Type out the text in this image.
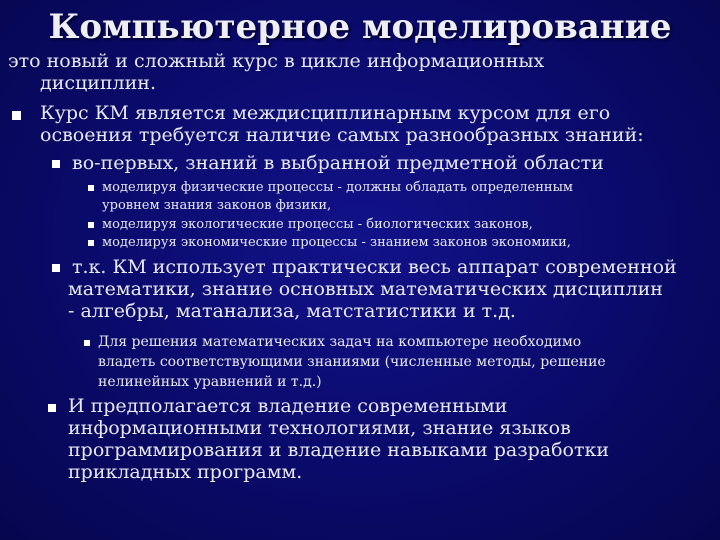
Компьютерное моделирование
это новый и сложный курс в цикле информационных
дисциплин.
Курс КМ является междисциплинарным курсом для его
освоения требуется наличие самых разнообразных знаний:
во-первых, знаний в выбранной предметной области
моделируя физические процессы - должны обладать определенным
уровнем знания законов физики,
моделируя экологические процессы - биологических законов,
моделируя экономические процессы - знанием законов экономики,
т.к. КМ использует практически весь аппарат современной
математики, знание основных математических дисциплин
- алгебры, матанализа, матстатистики и т.д.
Для решения математических задач на компьютере необходимо
владеть соответствующими знаниями (численные методы, решение
нелинейных уравнений и т.д.)
И предполагается владение современными
информационными технологиями, знание языков
программирования и владение навыками разработки
прикладных программ.
